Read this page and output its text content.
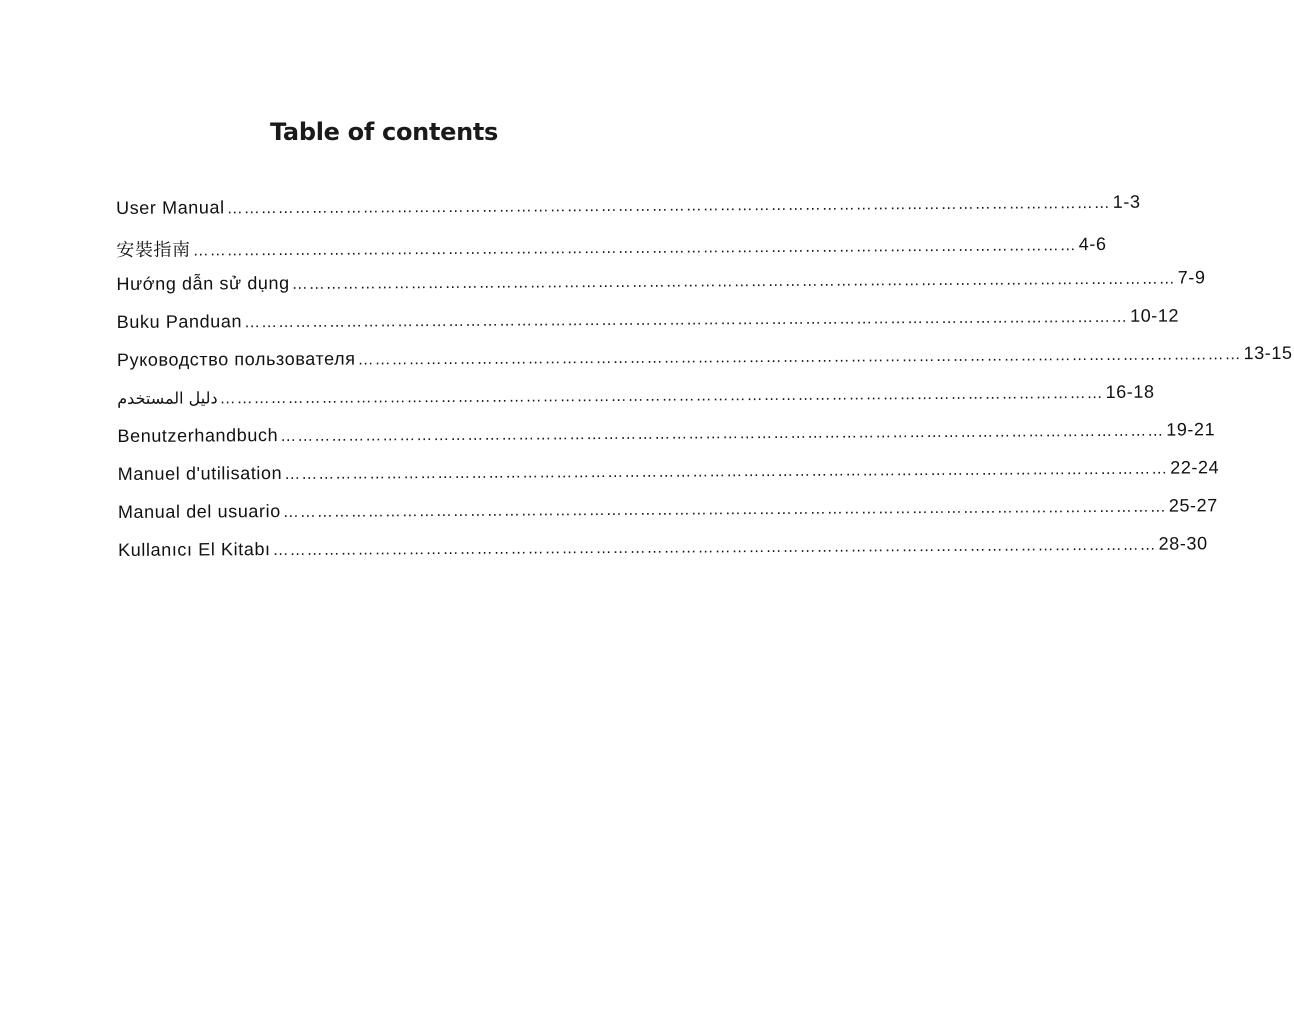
Table of contents
User Manual ………………………………………………………………………………………………………………………………………… 1-3
安裝指南 ………………………………………………………………………………………………………………………………………… 4-6
Hướng dẫn sử dụng ………………………………………………………………………………………………………………………………………… 7-9
Buku Panduan ………………………………………………………………………………………………………………………………………… 10-12
Руководство пользователя ………………………………………………………………………………………………………………………………………… 13-15
دليل المستخدم ………………………………………………………………………………………………………………………………………… 16-18
Benutzerhandbuch ………………………………………………………………………………………………………………………………………… 19-21
Manuel d'utilisation ………………………………………………………………………………………………………………………………………… 22-24
Manual del usuario ………………………………………………………………………………………………………………………………………… 25-27
Kullanıcı El Kitabı ………………………………………………………………………………………………………………………………………… 28-30
